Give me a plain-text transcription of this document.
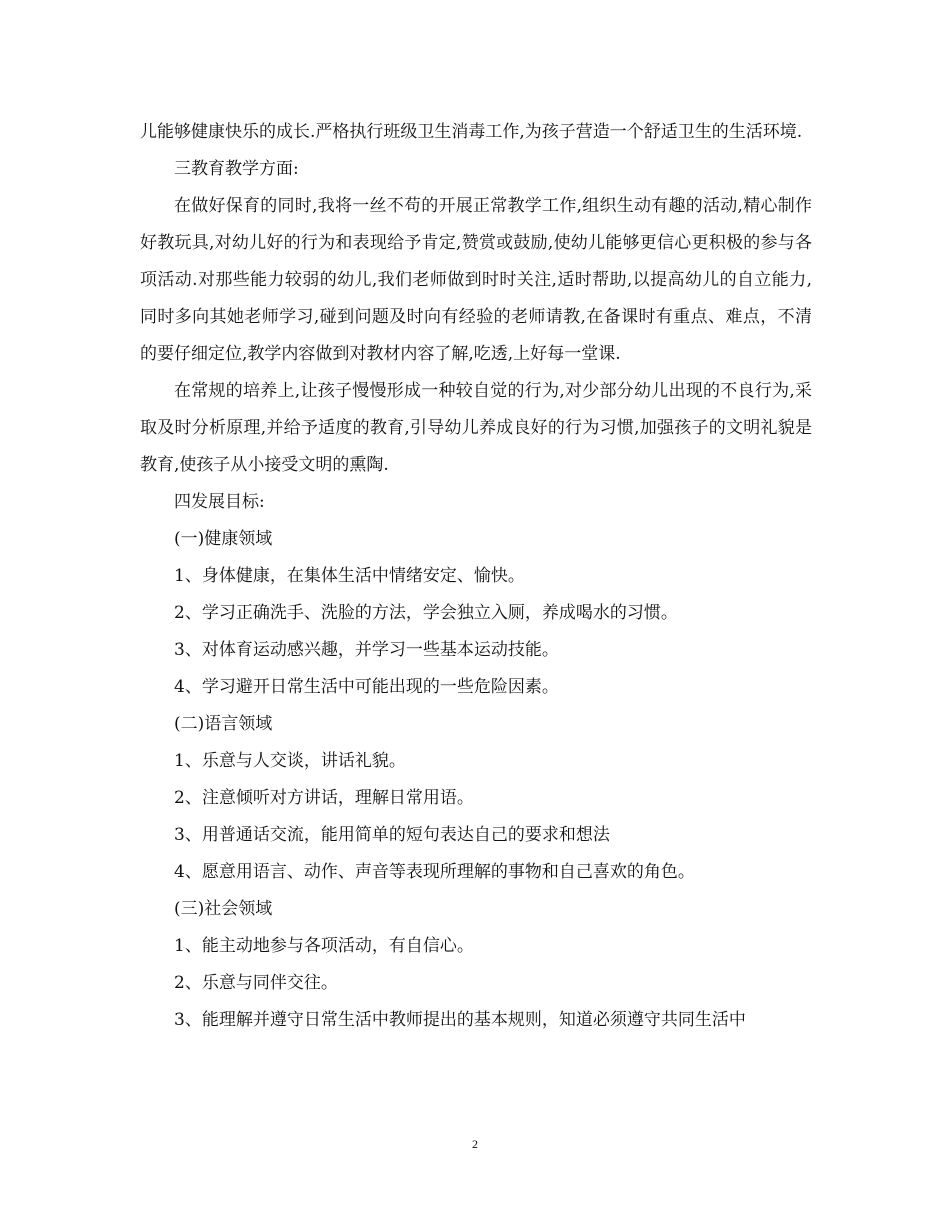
儿能够健康快乐的成长.严格执行班级卫生消毒工作,为孩子营造一个舒适卫生的生活环境.

三教育教学方面:

在做好保育的同时,我将一丝不苟的开展正常教学工作,组织生动有趣的活动,精心制作好教玩具,对幼儿好的行为和表现给予肯定,赞赏或鼓励,使幼儿能够更信心更积极的参与各项活动.对那些能力较弱的幼儿,我们老师做到时时关注,适时帮助,以提高幼儿的自立能力,同时多向其她老师学习,碰到问题及时向有经验的老师请教,在备课时有重点、难点，不清的要仔细定位,教学内容做到对教材内容了解,吃透,上好每一堂课.

在常规的培养上,让孩子慢慢形成一种较自觉的行为,对少部分幼儿出现的不良行为,采取及时分析原理,并给予适度的教育,引导幼儿养成良好的行为习惯,加强孩子的文明礼貌是教育,使孩子从小接受文明的熏陶.

四发展目标:

(一)健康领域

1、身体健康，在集体生活中情绪安定、愉快。

2、学习正确洗手、洗脸的方法，学会独立入厕，养成喝水的习惯。

3、对体育运动感兴趣，并学习一些基本运动技能。

4、学习避开日常生活中可能出现的一些危险因素。

(二)语言领域

1、乐意与人交谈，讲话礼貌。

2、注意倾听对方讲话，理解日常用语。

3、用普通话交流，能用简单的短句表达自己的要求和想法

4、愿意用语言、动作、声音等表现所理解的事物和自己喜欢的角色。

(三)社会领域

1、能主动地参与各项活动，有自信心。

2、乐意与同伴交往。

3、能理解并遵守日常生活中教师提出的基本规则，知道必须遵守共同生活中

2
